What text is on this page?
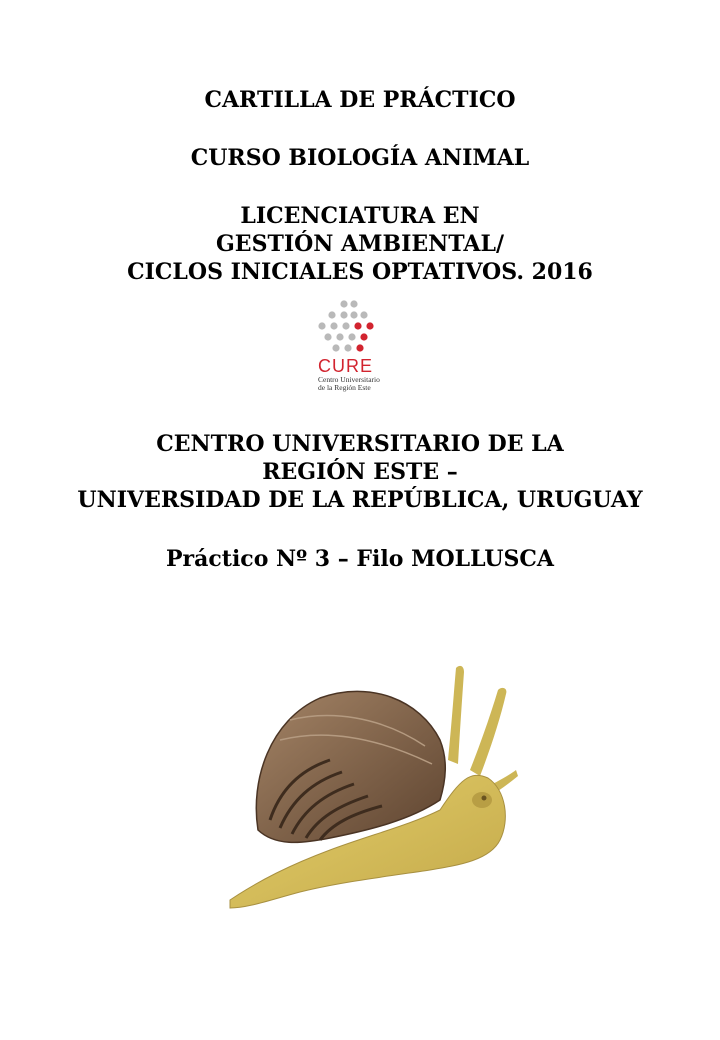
CARTILLA DE PRÁCTICO
CURSO BIOLOGÍA ANIMAL
LICENCIATURA EN
GESTIÓN AMBIENTAL/
CICLOS INICIALES OPTATIVOS. 2016
CURE
Centro Universitario
de la Región Este
CENTRO UNIVERSITARIO DE LA
REGIÓN ESTE –
UNIVERSIDAD DE LA REPÚBLICA, URUGUAY
Práctico Nº 3 – Filo MOLLUSCA
